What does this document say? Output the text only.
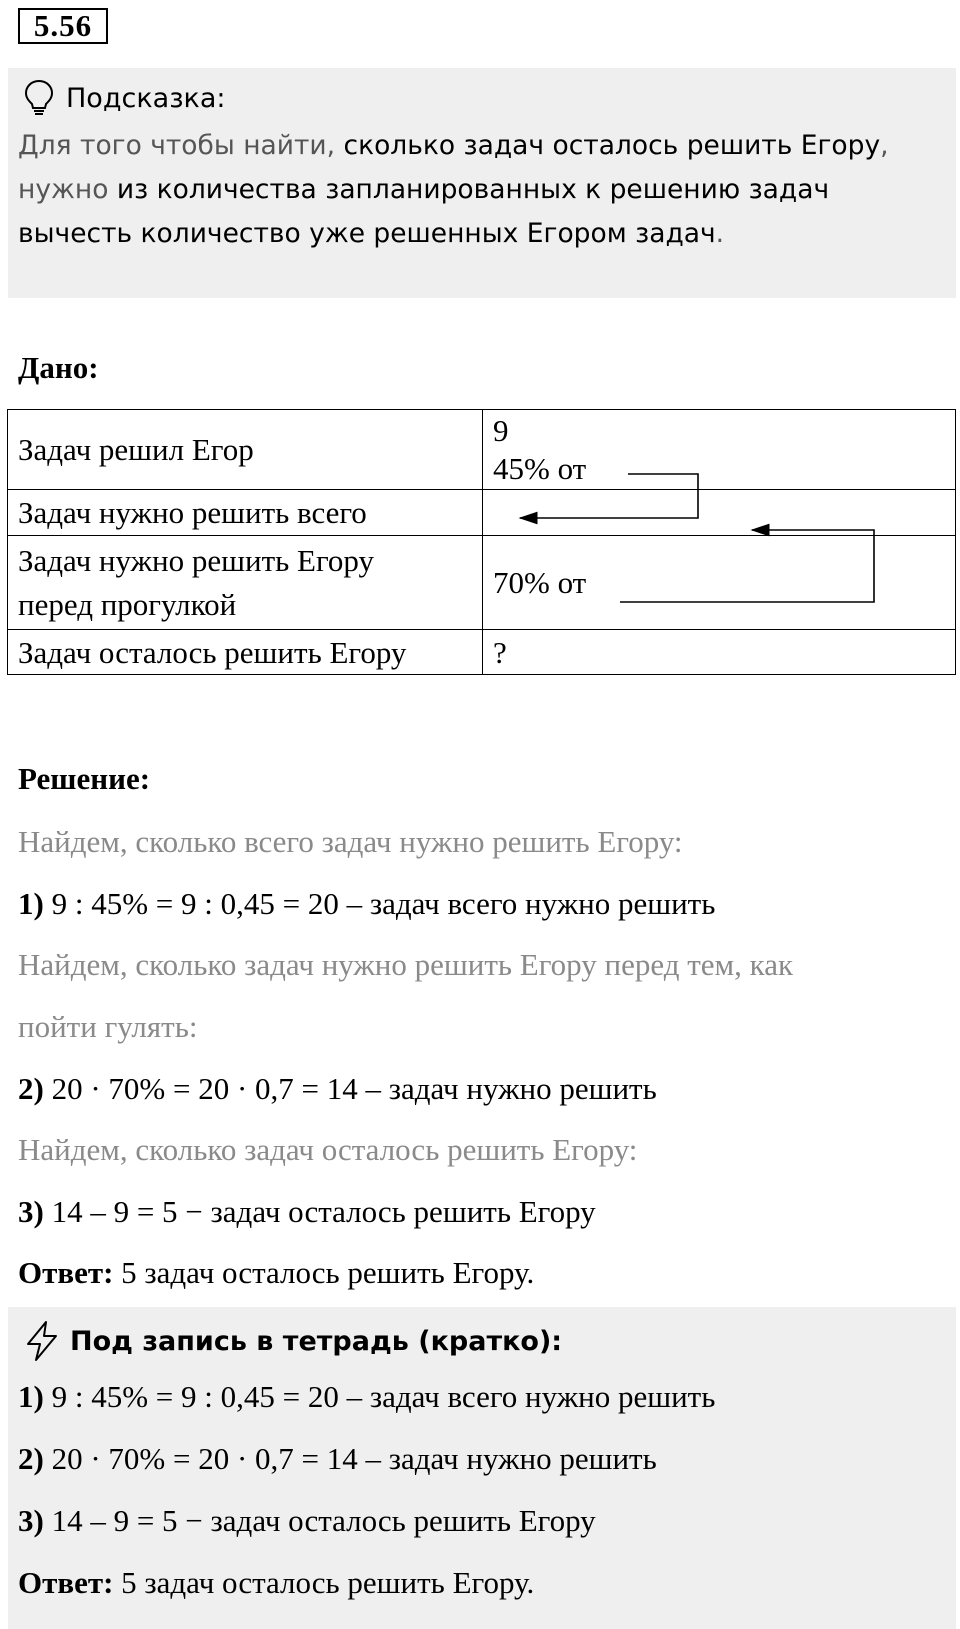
5.56
Подсказка:
Для того чтобы найти, сколько задач осталось решить Егору, нужно из количества запланированных к решению задач вычесть количество уже решенных Егором задач.
Дано:
Задач решил Егор	9
45% от

Задач нужно решить всего	

Задач нужно решить Егору
перед прогулкой	70% от
Задач осталось решить Егору	?
Решение:
Найдем, сколько всего задач нужно решить Егору:
1) 9 : 45% = 9 : 0,45 = 20 – задач всего нужно решить
Найдем, сколько задач нужно решить Егору перед тем, как
пойти гулять:
2) 20 · 70% = 20 · 0,7 = 14 – задач нужно решить
Найдем, сколько задач осталось решить Егору:
3) 14 – 9 = 5 − задач осталось решить Егору
Ответ: 5 задач осталось решить Егору.
Под запись в тетрадь (кратко):
1) 9 : 45% = 9 : 0,45 = 20 – задач всего нужно решить
2) 20 · 70% = 20 · 0,7 = 14 – задач нужно решить
3) 14 – 9 = 5 − задач осталось решить Егору
Ответ: 5 задач осталось решить Егору.
